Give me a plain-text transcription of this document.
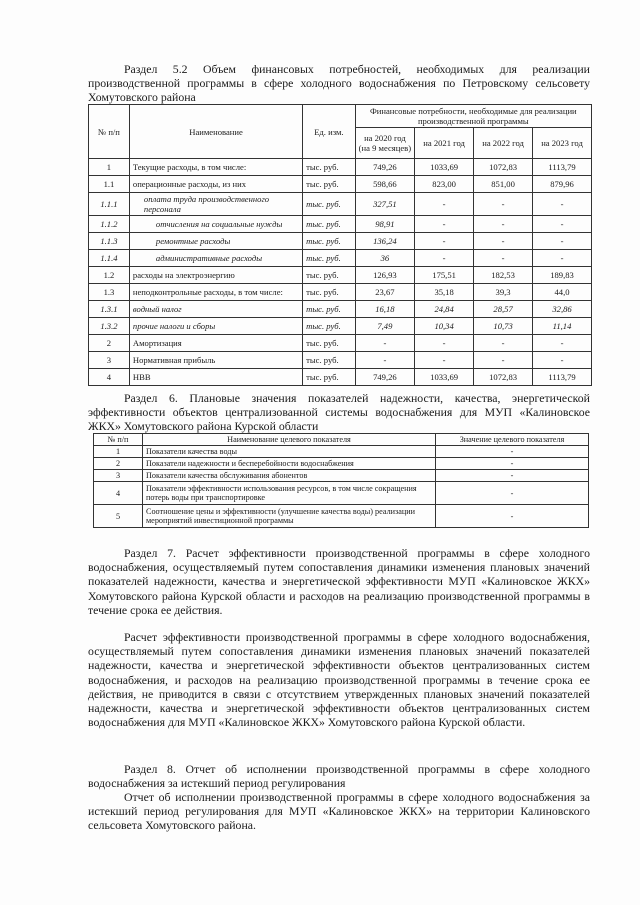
Раздел 5.2 Объем финансовых потребностей, необходимых для реализации производственной программы в сфере холодного водоснабжения по Петровскому сельсовету Хомутовского района

№ п/п	Наименование	Ед. изм.	Финансовые потребности, необходимые для реализации производственной программы			
			на 2020 год (на 9 месяцев)	на 2021 год	на 2022 год	на 2023 год
1	Текущие расходы, в том числе:	тыс. руб.	749,26	1033,69	1072,83	1113,79
1.1	операционные расходы, из них	тыс. руб.	598,66	823,00	851,00	879,96
1.1.1	оплата труда производственного персонала	тыс. руб.	327,51	-	-	-
1.1.2	отчисления на социальные нужды	тыс. руб.	98,91	-	-	-
1.1.3	ремонтные расходы	тыс. руб.	136,24	-	-	-
1.1.4	административные расходы	тыс. руб.	36	-	-	-
1.2	расходы на электроэнергию	тыс. руб.	126,93	175,51	182,53	189,83
1.3	неподконтрольные расходы, в том числе:	тыс. руб.	23,67	35,18	39,3	44,0
1.3.1	водный налог	тыс. руб.	16,18	24,84	28,57	32,86
1.3.2	прочие налоги и сборы	тыс. руб.	7,49	10,34	10,73	11,14
2	Амортизация	тыс. руб.	-	-	-	-
3	Нормативная прибыль	тыс. руб.	-	-	-	-
4	НВВ	тыс. руб.	749,26	1033,69	1072,83	1113,79

Раздел 6. Плановые значения показателей надежности, качества, энергетической эффективности объектов централизованной системы водоснабжения для МУП «Калиновское ЖКХ» Хомутовского района Курской области

№ п/п	Наименование целевого показателя	Значение целевого показателя
1	Показатели качества воды	-
2	Показатели надежности и бесперебойности водоснабжения	-
3	Показатели качества обслуживания абонентов	-
4	Показатели эффективности использования ресурсов, в том числе сокращения потерь воды при транспортировке	-
5	Соотношение цены и эффективности (улучшение качества воды) реализации мероприятий инвестиционной программы	-

Раздел 7. Расчет эффективности производственной программы в сфере холодного водоснабжения, осуществляемый путем сопоставления динамики изменения плановых значений показателей надежности, качества и энергетической эффективности МУП «Калиновское ЖКХ» Хомутовского района Курской области и расходов на реализацию производственной программы в течение срока ее действия.

Расчет эффективности производственной программы в сфере холодного водоснабжения, осуществляемый путем сопоставления динамики изменения плановых значений показателей надежности, качества и энергетической эффективности объектов централизованных систем водоснабжения, и расходов на реализацию производственной программы в течение срока ее действия, не приводится в связи с отсутствием утвержденных плановых значений показателей надежности, качества и энергетической эффективности объектов централизованных систем водоснабжения для МУП «Калиновское ЖКХ» Хомутовского района Курской области.

Раздел 8. Отчет об исполнении производственной программы в сфере холодного водоснабжения за истекший период регулирования

Отчет об исполнении производственной программы в сфере холодного водоснабжения за истекший период регулирования для МУП «Калиновское ЖКХ» на территории Калиновского сельсовета Хомутовского района.
